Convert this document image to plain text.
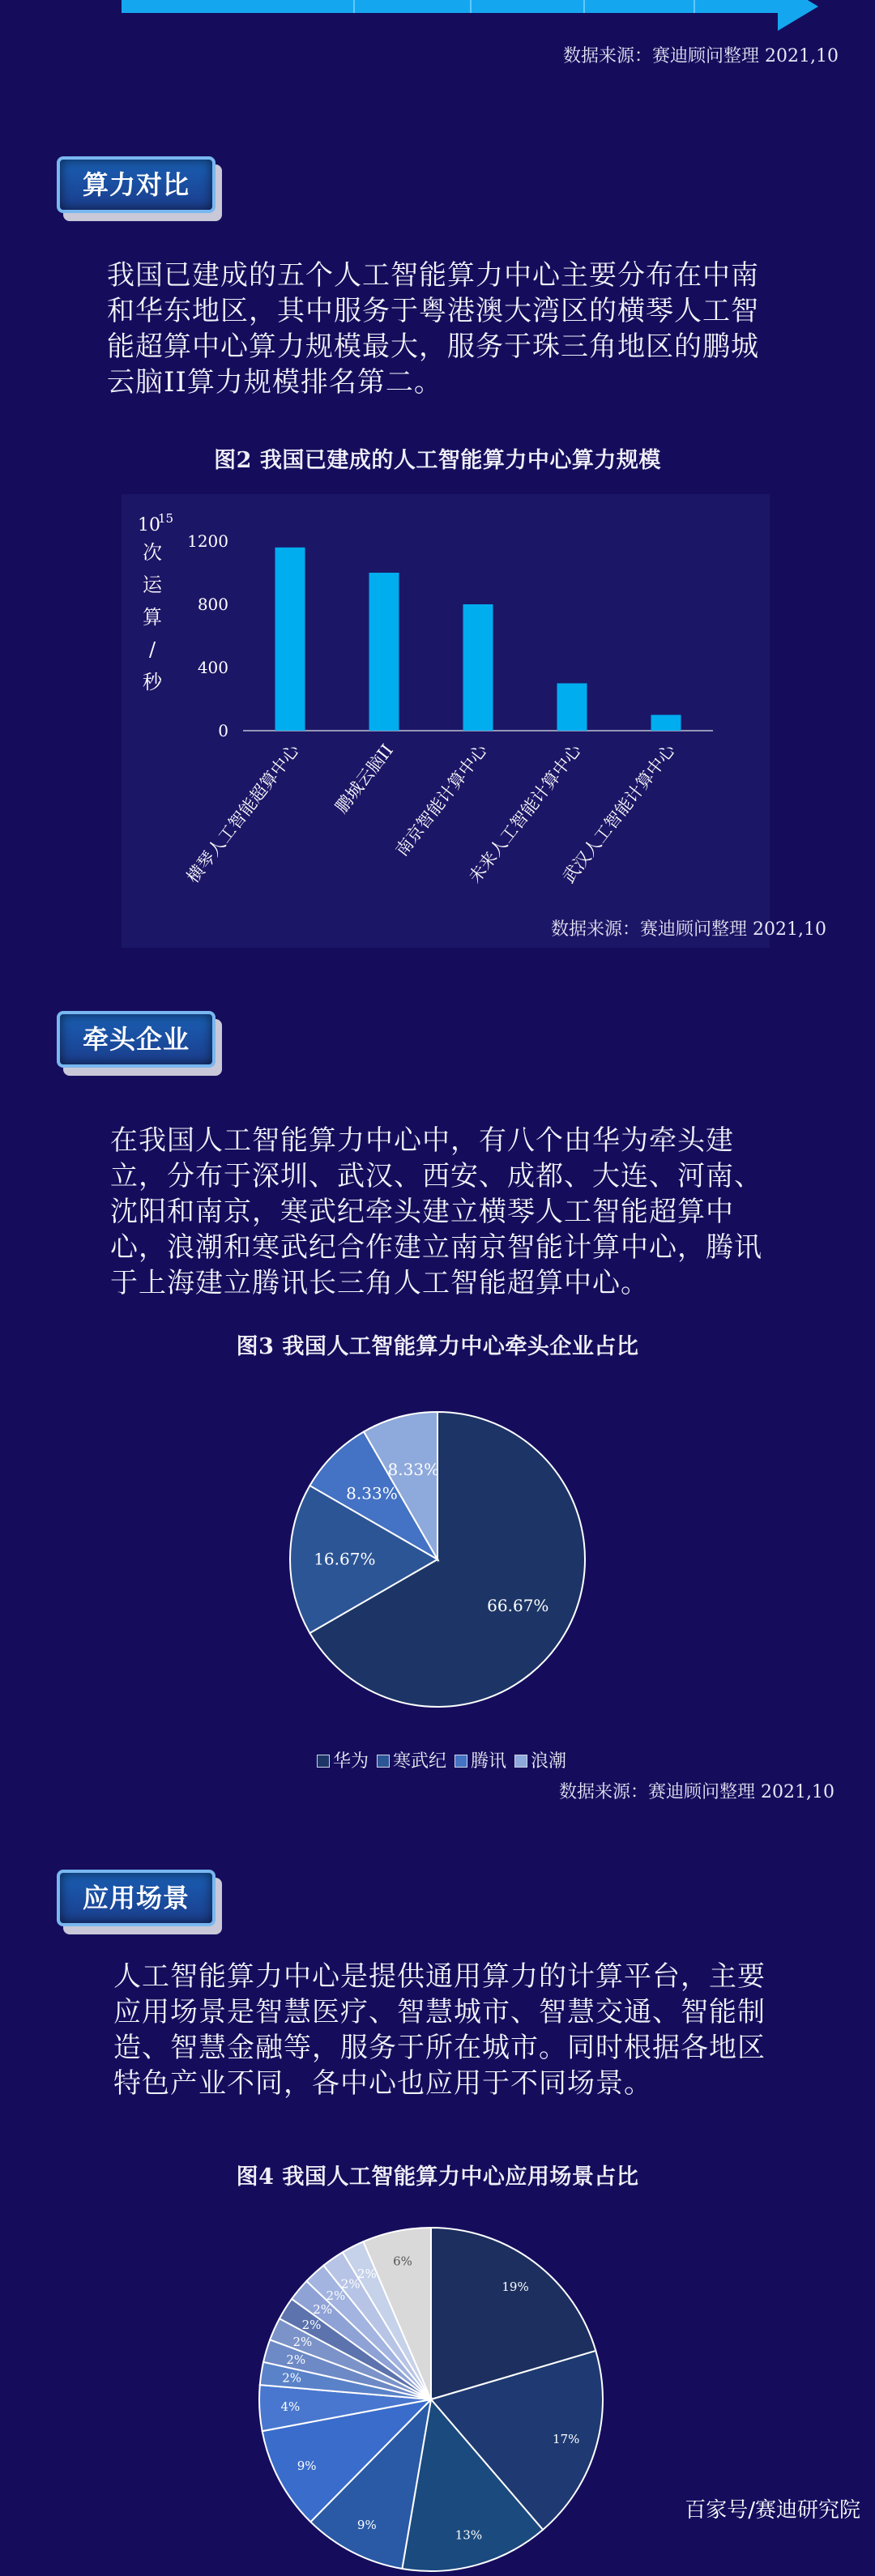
数据来源：赛迪顾问整理 2021,10
算力对比
我国已建成的五个人工智能算力中心主要分布在中南和华东地区，其中服务于粤港澳大湾区的横琴人工智能超算中心算力规模最大，服务于珠三角地区的鹏城云脑II算力规模排名第二。
图2 我国已建成的人工智能算力中心算力规模
10
15
次
运
算
/
秒
0
400
800
1200
横琴人工智能超算中心 鹏城云脑II
南京智能计算中心
未来人工智能计算中心
武汉人工智能计算中心
数据来源：赛迪顾问整理 2021,10
牵头企业
在我国人工智能算力中心中，有八个由华为牵头建立，分布于深圳、武汉、西安、成都、大连、河南、沈阳和南京，寒武纪牵头建立横琴人工智能超算中心，浪潮和寒武纪合作建立南京智能计算中心，腾讯于上海建立腾讯长三角人工智能超算中心。
图3 我国人工智能算力中心牵头企业占比
66.67%
16.67%
8.33%
8.33%
华为 寒武纪 腾讯 浪潮
数据来源：赛迪顾问整理 2021,10
应用场景
人工智能算力中心是提供通用算力的计算平台，主要应用场景是智慧医疗、智慧城市、智慧交通、智能制造、智慧金融等，服务于所在城市。同时根据各地区特色产业不同，各中心也应用于不同场景。
图4 我国人工智能算力中心应用场景占比
19%
17%
13%
9%
9%
4%
2%
2%
2%
2%
2%
2%
2%
2%
6%
百家号/赛迪研究院
